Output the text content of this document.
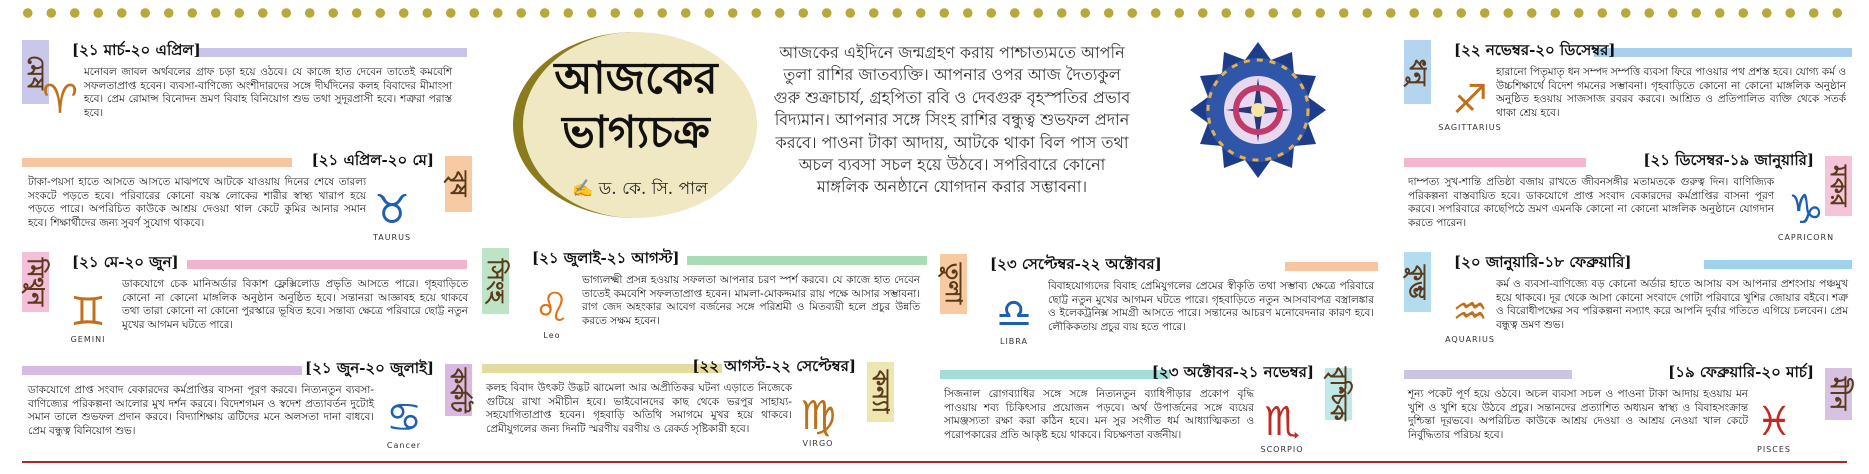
আজকের
ভাগ্যচক্র
✍ ড. কে. সি. পাল
আজকের এইদিনে জন্মগ্রহণ করায় পাশ্চাত্যমতে আপনি তুলা রাশির জাতব্যক্তি। আপনার ওপর আজ দৈত্যকুল গুরু শুক্রাচার্য, গ্রহপিতা রবি ও দেবগুরু বৃহস্পতির প্রভাব বিদ্যমান। আপনার সঙ্গে সিংহ রাশির বন্ধুত্ব শুভফল প্রদান করবে। পাওনা টাকা আদায়, আটকে থাকা বিল পাস তথা অচল ব্যবসা সচল হয়ে উঠবে। সপরিবারে কোনো মাঙ্গলিক অনষ্ঠানে যোগদান করার সম্ভাবনা।
মেষ
[২১ মার্চ-২০ এপ্রিল]
♈
মনোবল জাবল অর্থবলের গ্রাফ চড়া হয়ে ওঠবে। যে কাজে হাত দেবেন তাতেই কমবেশি সফলতাপ্রাপ্ত হবেন। ব্যবসা-বাণিজ্যে অংশীদারদের সঙ্গে দীর্ঘদিনের কলহ বিবাদের মীমাংসা হবে। প্রেম রোমান্স বিনোদন ভ্রমণ বিবাহ বিনিয়োগ শুভ তথা সুদূরপ্রাসী হবে। শত্রুরা পরাস্ত হবে।
বৃষ
[২১ এপ্রিল-২০ মে]
♉
TAURUS
টাকা-পয়সা হাতে আসতে আসতে মাঝপথে আটকে যাওয়ায় দিনের শেষে তারল্য সংকটে পড়তে হবে। পরিবারের কোনো বয়স্ক লোকের শারীর স্বাস্থ্য খারাপ হয়ে পড়তে পারে। অপরিচিত কাউকে আশ্রয় দেওয়া থাল কেটে কুমির আনার সমান হবে। শিক্ষার্থীদের জন্য সুবর্ণ সুযোগ থাকবে।
মিথুন [২১ মে-২০ জুন]
♊
GEMINI
ডাকযোগে চেক মানিঅর্ডার বিকাশ ফ্লেক্সিলোড প্রভৃতি আসতে পারে। গৃহবাড়িতে কোনো না কোনো মাঙ্গলিক অনুষ্ঠান অনুষ্ঠিত হবে। সন্তানরা আজ্ঞাবহ হয়ে থাকবে তথা তারা কোনো না কোনো পুরস্কারে ভূষিত হবে। সন্তাব্য ক্ষেত্রে পরিবারে ছোট্ট নতুন মুখের আগমন ঘটতে পারে।
কর্কট
[২১ জুন-২০ জুলাই]
♋
Cancer
ডাকযোগে প্রাপ্ত সংবাদ বেকারদের কর্মপ্রাপ্তির বাসনা পূরণ করবে। নিত্যনতুন ব্যবসা-বাণিজ্যের পরিকল্পনা আলোর মুখ দর্শন করবে। বিদেশগমন ও স্বদেশ প্রত্যাবর্তন দুটোই সমান তালে শুভফল প্রদান করবে। বিদ্যাশিক্ষায় ত্রটিদের মনে অলসতা দানা বাধবে। প্রেম বন্ধুত্ব বিনিয়োগ শুভ।
সিংহ
[২১ জুলাই-২১ আগস্ট]
♌
Leo
ভাগ্যলক্ষ্মী প্রসন্ন হওয়ায় সফলতা আপনার চরণ স্পর্শ করবে। যে কাজে হাত দেবেন তাতেই কমবেশি সফলতাপ্রাপ্ত হবেন। মামলা-মোকদ্দমার রায় পক্ষে আসার সম্ভাবনা। রাগ জেদ অহংকার আবেগ বর্জনের সঙ্গে পরিশ্রমী ও মিতব্যয়ী হলে প্রচুর উন্নতি করতে সক্ষম হবেন।
কন্যা
[২২ আগস্ট-২২ সেপ্টেম্বর]
♍
VIRGO
কলহ বিবাদ উৎকট উদ্ভট ঝামেলা আর অপ্রীতিকর ঘটনা এড়াতে নিজেকে গুটিয়ে রাখা সমীচীন হবে। ভাইবোনদের কাছ থেকে ভরপুর সাহায্য-সহযোগিতাপ্রাপ্ত হবেন। গৃহবাড়ি অতিথি সমাগমে মুখর হয়ে থাকবে। প্রেমীযুগলের জন্য দিনটি স্মরণীয় বরণীয় ও রেকর্ড সৃষ্টিকারী হবে।
তুলা [২৩ সেপ্টেম্বর-২২ অক্টোবর]
♎
LIBRA
বিবাহযোগ্যদের বিবাহ প্রেমিযুগলের প্রেমের স্বীকৃতি তথা সম্ভাব্য ক্ষেত্রে পরিবারে ছোট্ট নতুন মুখের আগমন ঘটতে পারে। গৃহবাড়িতে নতুন আসবাবপত্র বস্ত্রালঙ্কার ও ইলেকট্রনিক্স সামগ্রী আসতে পারে। সন্তানের আচরণ মনোবেদনার কারণ হবে। লৌকিকতায় প্রচুর ব্যয় হতে পারে।
বৃশ্চিক
[২৩ অক্টোবর-২১ নভেম্বর]
♏
SCORPIO
সিজনাল রোগব্যাধির সঙ্গে সঙ্গে নিত্যনতুন ব্যাধিপীড়ার প্রকোপ বৃদ্ধি পাওয়ায় শব্য চিকিৎসার প্রয়োজন পড়বে। অর্থ উপার্জনের সঙ্গে ব্যয়ের সামঞ্জস্যতা রক্ষা করা কঠিন হবে। মন সুর সংগীত ধর্ম আধ্যাত্মিকতা ও পরোপকারের প্রতি আকৃষ্ট হয়ে থাকবে। বিচক্ষণতা বর্জনীয়।
ধনু
[২২ নভেম্বর-২০ ডিসেম্বর]
♐
SAGITTARIUS
হারানো পিতৃমাতৃ ধন সম্পদ সম্পত্তি ব্যবসা ফিরে পাওয়ার পথ প্রশস্ত হবে। যোগ্য কর্ম ও উচ্চশিক্ষার্থে বিদেশ গমনের সম্ভাবনা। গৃহবাড়িতে কোনো না কোনো মাঙ্গলিক অনুষ্ঠান অনুষ্ঠিত হওয়ায় সাজসাজ রবরব করবে। আশ্রিত ও প্রতিপালিত ব্যক্তি থেকে সতর্ক থাকা শ্রেয় হবে।
মকর
[২১ ডিসেম্বর-১৯ জানুয়ারি]
♑
CAPRICORN
দাম্পত্য সুখ-শান্তি প্রতিষ্ঠা বজায় রাখতে জীবনসঙ্গীর মতামতকে গুরুত্ব দিন। বাণিজ্যিক পরিকল্পনা বাস্তবায়িত হবে। ডাকযোগে প্রাপ্ত সংবাদ বেকারদের কর্মপ্রাপ্তির বাসনা পূরণ করবে। সপরিবারে কাছেপিঠে ভ্রমণ এমনকি কোনো না কোনো মাঙ্গলিক অনুষ্ঠানে যোগদান করতে পারেন।
কুম্ভ
[২০ জানুয়ারি-১৮ ফেব্রুয়ারি]
♒
AQUARIUS
কর্ম ও ব্যবসা-বাণিজ্যে বড় কোনো অর্ডার হাতে আসায় বস আপনার প্রশংসায় পঞ্চমুখ হয়ে থাকবে। দূর থেকে আসা কোনো সংবাদে গোটা পরিবারে খুশির জোয়ার বইবে। শত্রু ও বিরোধীপক্ষের সব পরিকল্পনা নস্যাৎ করে আপনি দুর্বার গতিতে এগিয়ে চলবেন। প্রেম বন্ধুত্ব ভ্রমণ শুভ।
মীন
[১৯ ফেব্রুয়ারি-২০ মার্চ]
♓
PISCES
শূন্য পকেট পূর্ণ হয়ে ওঠবে। অচল ব্যবসা সচল ও পাওনা টাকা আদায় হওয়ায় মন খুশি ও খুশি হয়ে উঠবে প্রচুর। সন্তানদের প্রত্যাশিত অধ্যয়ন স্বাস্থ্য ও বিবাহসংক্রান্ত দুশ্চিন্তা দূরভবে। অপরিচিত কাউকে আশ্রয় দেওয়া ও আশ্রয় নেওয়া খাল কেটে নির্বুদ্ধিতার পরিচয় হবে।
